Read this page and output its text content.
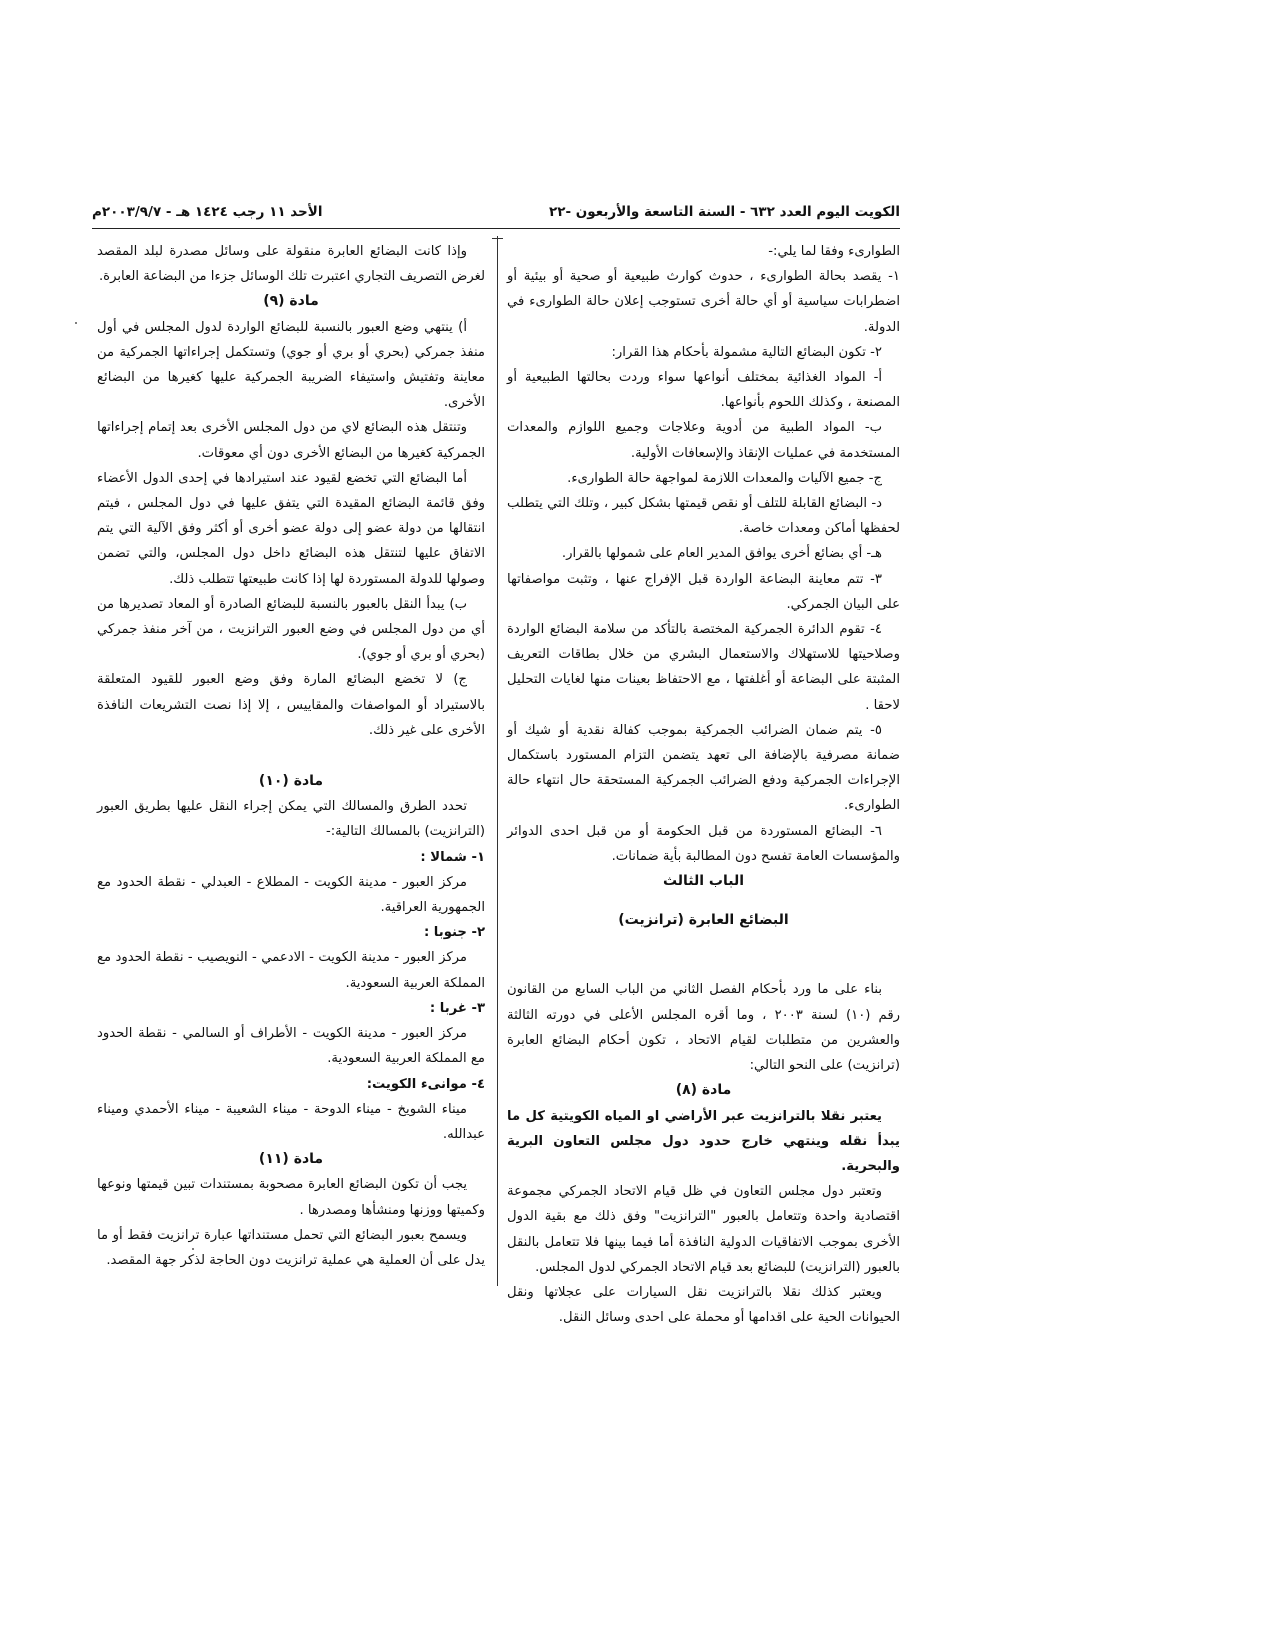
الكويت اليوم العدد ٦٣٢ - السنة التاسعة والأربعون -٢٢
الأحد ١١ رجب ١٤٢٤ هـ - ٢٠٠٣/٩/٧م

الطوارىء وفقا لما يلي:-

١- يقصد بحالة الطوارىء ، حدوث كوارث طبيعية أو صحية أو بيئية أو اضطرابات سياسية أو أي حالة أخرى تستوجب إعلان حالة الطوارىء في الدولة.

٢- تكون البضائع التالية مشمولة بأحكام هذا القرار:

أ- المواد الغذائية بمختلف أنواعها سواء وردت بحالتها الطبيعية أو المصنعة ، وكذلك اللحوم بأنواعها.

ب- المواد الطبية من أدوية وعلاجات وجميع اللوازم والمعدات المستخدمة في عمليات الإنقاذ والإسعافات الأولية.

ج- جميع الآليات والمعدات اللازمة لمواجهة حالة الطوارىء.

د- البضائع القابلة للتلف أو نقص قيمتها بشكل كبير ، وتلك التي يتطلب لحفظها أماكن ومعدات خاصة.

هـ- أي بضائع أخرى يوافق المدير العام على شمولها بالقرار.

٣- تتم معاينة البضاعة الواردة قبل الإفراج عنها ، وتثبت مواصفاتها على البيان الجمركي.

٤- تقوم الدائرة الجمركية المختصة بالتأكد من سلامة البضائع الواردة وصلاحيتها للاستهلاك والاستعمال البشري من خلال بطاقات التعريف المثبتة على البضاعة أو أغلفتها ، مع الاحتفاظ بعينات منها لغايات التحليل لاحقا .

٥- يتم ضمان الضرائب الجمركية بموجب كفالة نقدية أو شيك أو ضمانة مصرفية بالإضافة الى تعهد يتضمن التزام المستورد باستكمال الإجراءات الجمركية ودفع الضرائب الجمركية المستحقة حال انتهاء حالة الطوارىء.

٦- البضائع المستوردة من قبل الحكومة أو من قبل احدى الدوائر والمؤسسات العامة تفسح دون المطالبة بأية ضمانات.

الباب الثالث

البضائع العابرة (ترانزيت)

بناء على ما ورد بأحكام الفصل الثاني من الباب السابع من القانون رقم (١٠) لسنة ٢٠٠٣ ، وما أقره المجلس الأعلى في دورته الثالثة والعشرين من متطلبات لقيام الاتحاد ، تكون أحكام البضائع العابرة (ترانزيت) على النحو التالي:

مادة (٨)

يعتبر نقلا بالترانزيت عبر الأراضي او المياه الكويتية كل ما يبدأ نقله وينتهي خارج حدود دول مجلس التعاون البرية والبحرية.

وتعتبر دول مجلس التعاون في ظل قيام الاتحاد الجمركي مجموعة اقتصادية واحدة وتتعامل بالعبور "الترانزيت" وفق ذلك مع بقية الدول الأخرى بموجب الاتفاقيات الدولية النافذة أما فيما بينها فلا تتعامل بالنقل بالعبور (الترانزيت) للبضائع بعد قيام الاتحاد الجمركي لدول المجلس.

ويعتبر كذلك نقلا بالترانزيت نقل السيارات على عجلاتها ونقل الحيوانات الحية على اقدامها أو محملة على احدى وسائل النقل.

وإذا كانت البضائع العابرة منقولة على وسائل مصدرة لبلد المقصد لغرض التصريف التجاري اعتبرت تلك الوسائل جزءا من البضاعة العابرة.

مادة (٩)

أ) ينتهي وضع العبور بالنسبة للبضائع الواردة لدول المجلس في أول منفذ جمركي (بحري أو بري أو جوي) وتستكمل إجراءاتها الجمركية من معاينة وتفتيش واستيفاء الضريبة الجمركية عليها كغيرها من البضائع الأخرى.

وتنتقل هذه البضائع لاي من دول المجلس الأخرى بعد إتمام إجراءاتها الجمركية كغيرها من البضائع الأخرى دون أي معوقات.

أما البضائع التي تخضع لقيود عند استيرادها في إحدى الدول الأعضاء وفق قائمة البضائع المقيدة التي يتفق عليها في دول المجلس ، فيتم انتقالها من دولة عضو إلى دولة عضو أخرى أو أكثر وفق الآلية التي يتم الاتفاق عليها لتنتقل هذه البضائع داخل دول المجلس، والتي تضمن وصولها للدولة المستوردة لها إذا كانت طبيعتها تتطلب ذلك.

ب) يبدأ النقل بالعبور بالنسبة للبضائع الصادرة أو المعاد تصديرها من أي من دول المجلس في وضع العبور الترانزيت ، من آخر منفذ جمركي (بحري أو بري أو جوي).

ج) لا تخضع البضائع المارة وفق وضع العبور للقيود المتعلقة بالاستيراد أو المواصفات والمقاييس ، إلا إذا نصت التشريعات النافذة الأخرى على غير ذلك.

مادة (١٠)

تحدد الطرق والمسالك التي يمكن إجراء النقل عليها بطريق العبور (الترانزيت) بالمسالك التالية:-

١- شمالا :

مركز العبور - مدينة الكويت - المطلاع - العبدلي - نقطة الحدود مع الجمهورية العراقية.

٢- جنوبا :

مركز العبور - مدينة الكويت - الادعمي - النويصيب - نقطة الحدود مع المملكة العربية السعودية.

٣- غربا :

مركز العبور - مدينة الكويت - الأطراف أو السالمي - نقطة الحدود مع المملكة العربية السعودية.

٤- موانىء الكويت:

ميناء الشويخ - ميناء الدوحة - ميناء الشعيبة - ميناء الأحمدي وميناء عبدالله.

مادة (١١)

يجب أن تكون البضائع العابرة مصحوبة بمستندات تبين قيمتها ونوعها وكميتها ووزنها ومنشأها ومصدرها .

ويسمح بعبور البضائع التي تحمل مستنداتها عبارة ترانزيت فقط أو ما يدل على أن العملية هي عملية ترانزيت دون الحاجة لذكر جهة المقصد.
